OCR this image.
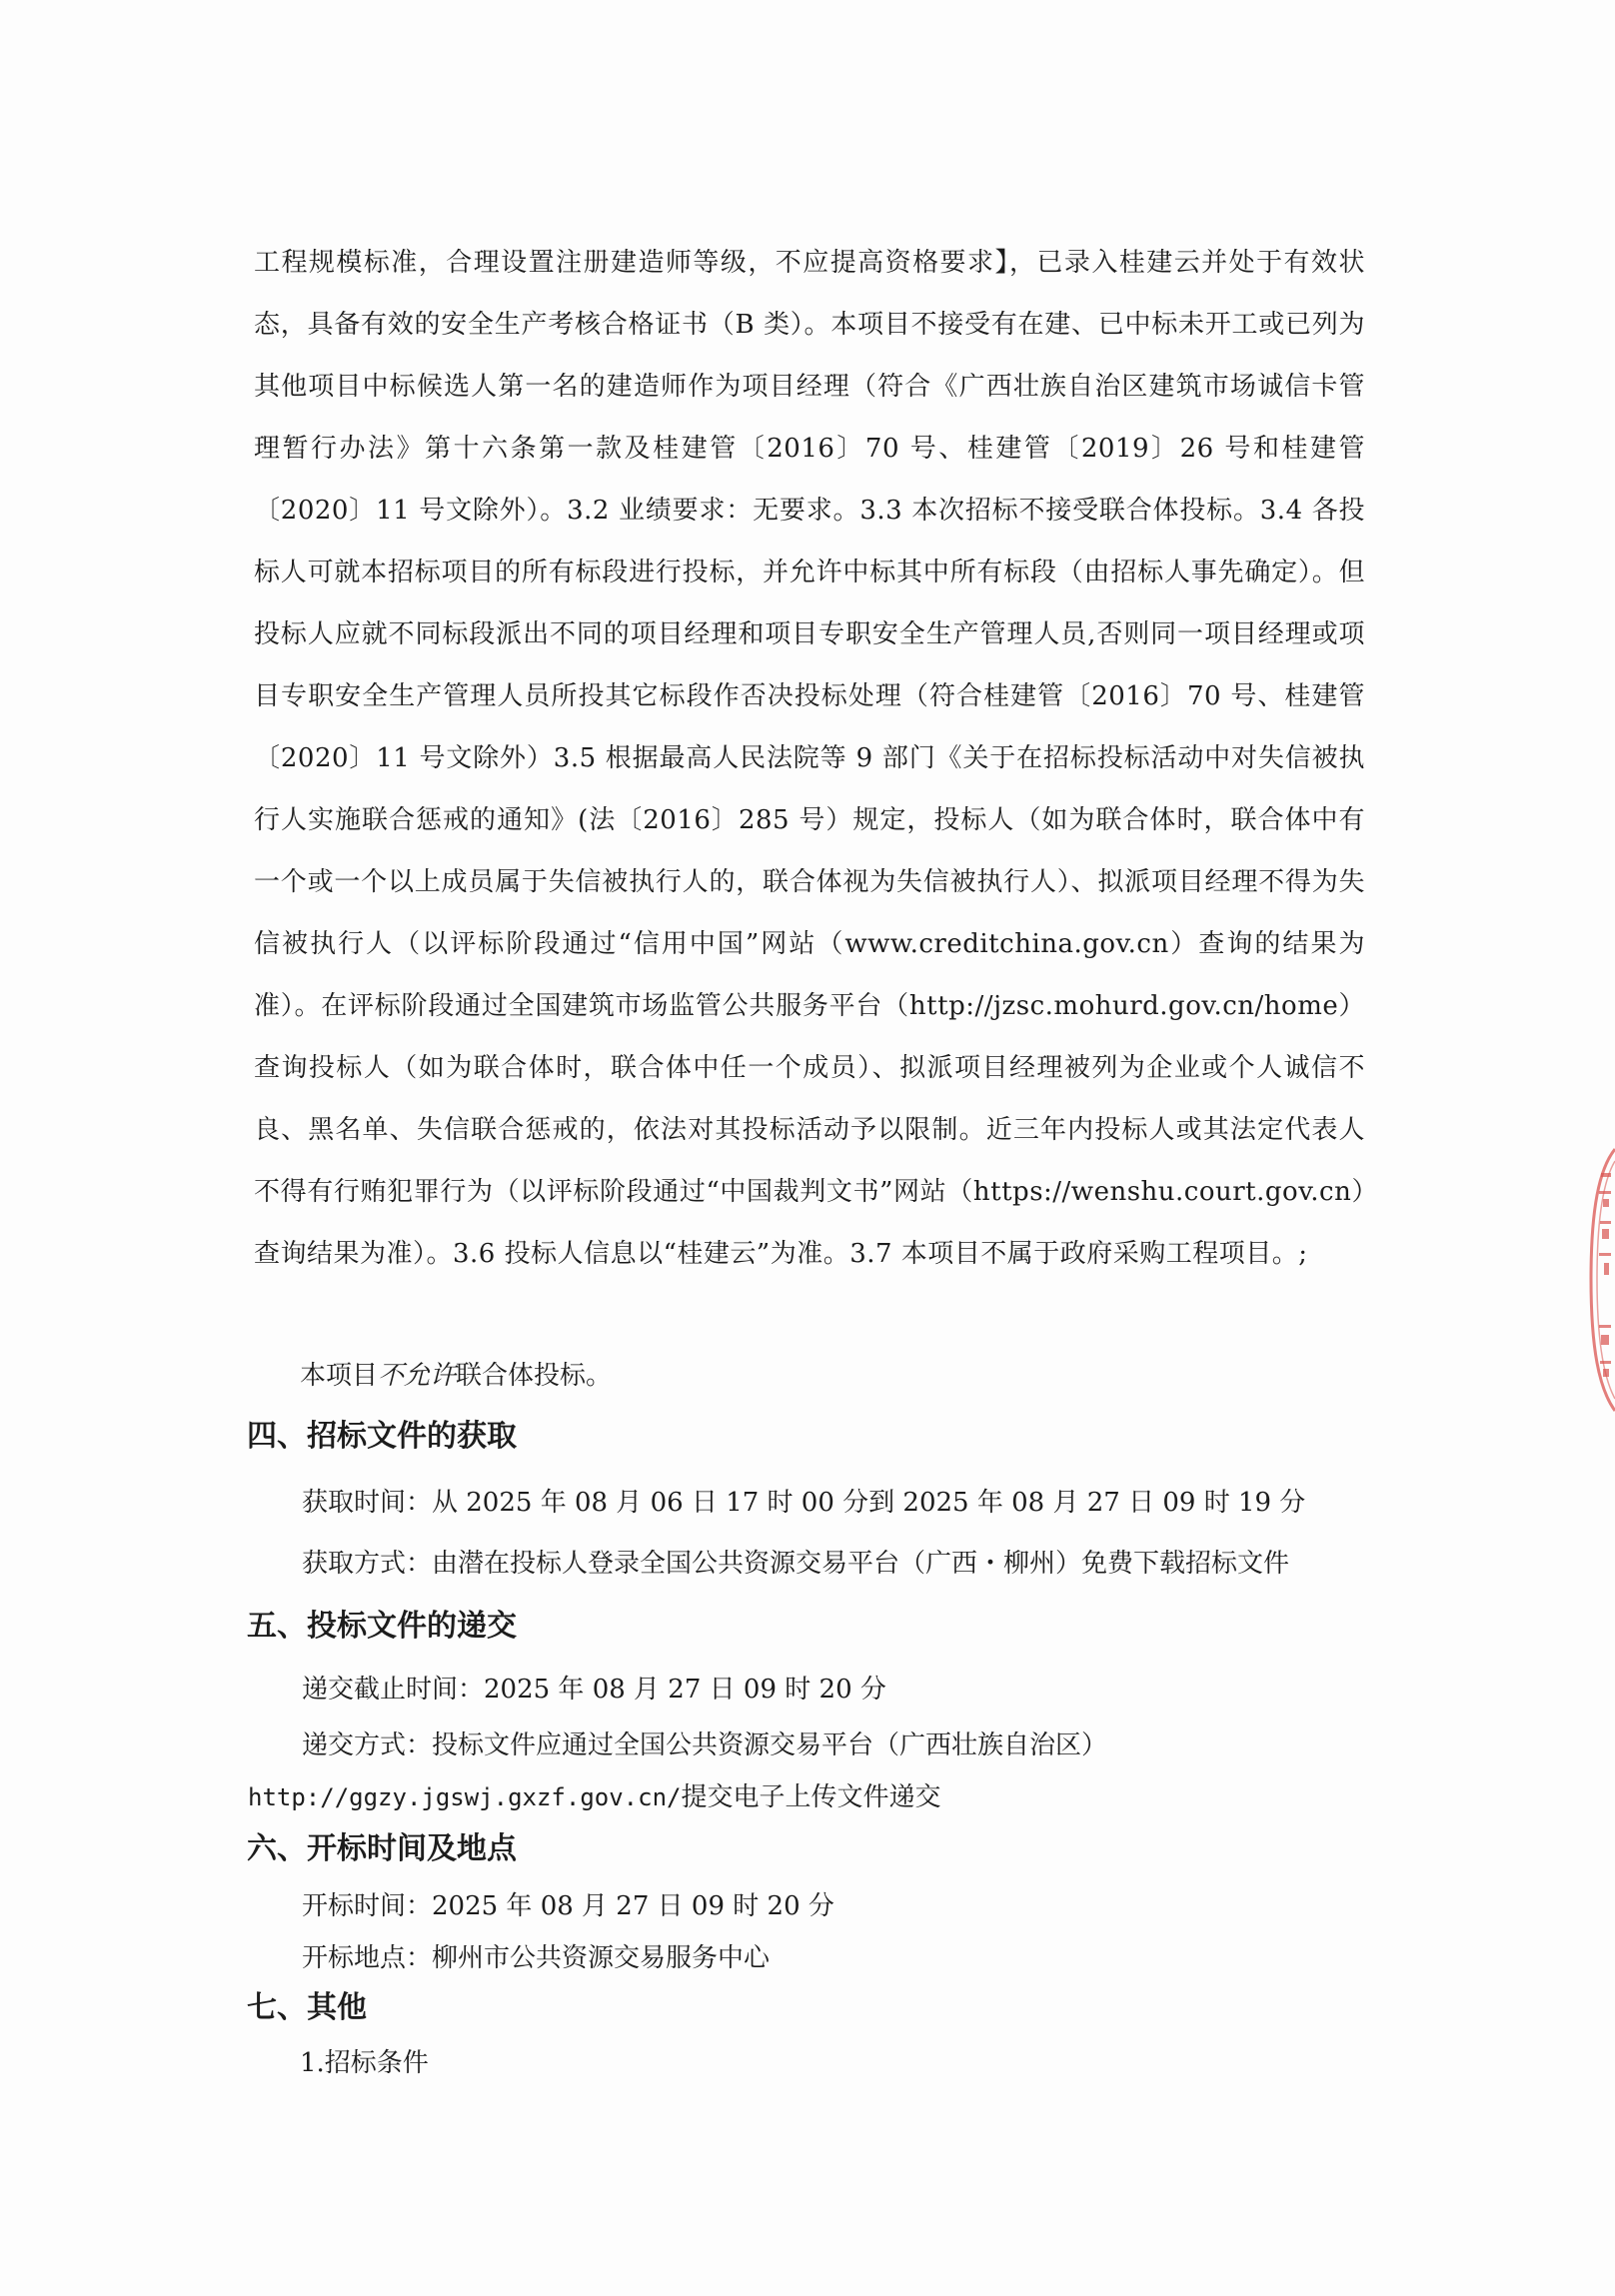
工程规模标准，合理设置注册建造师等级，不应提高资格要求】，已录入桂建云并处于有效状态，具备有效的安全生产考核合格证书（B 类）。本项目不接受有在建、已中标未开工或已列为其他项目中标候选人第一名的建造师作为项目经理（符合《广西壮族自治区建筑市场诚信卡管理暂行办法》第十六条第一款及桂建管〔2016〕70 号、桂建管〔2019〕26 号和桂建管〔2020〕11 号文除外）。3.2 业绩要求：无要求。3.3 本次招标不接受联合体投标。3.4 各投标人可就本招标项目的所有标段进行投标，并允许中标其中所有标段（由招标人事先确定）。但投标人应就不同标段派出不同的项目经理和项目专职安全生产管理人员,否则同一项目经理或项目专职安全生产管理人员所投其它标段作否决投标处理（符合桂建管〔2016〕70 号、桂建管〔2020〕11 号文除外）3.5 根据最高人民法院等 9 部门《关于在招标投标活动中对失信被执行人实施联合惩戒的通知》(法〔2016〕285 号）规定，投标人（如为联合体时，联合体中有一个或一个以上成员属于失信被执行人的，联合体视为失信被执行人）、拟派项目经理不得为失信被执行人（以评标阶段通过“信用中国”网站（www.creditchina.gov.cn）查询的结果为准）。在评标阶段通过全国建筑市场监管公共服务平台（http://jzsc.mohurd.gov.cn/home）查询投标人（如为联合体时，联合体中任一个成员）、拟派项目经理被列为企业或个人诚信不良、黑名单、失信联合惩戒的，依法对其投标活动予以限制。近三年内投标人或其法定代表人不得有行贿犯罪行为（以评标阶段通过“中国裁判文书”网站（https://wenshu.court.gov.cn）查询结果为准）。3.6 投标人信息以“桂建云”为准。3.7 本项目不属于政府采购工程项目。;
本项目不允许联合体投标。
四、招标文件的获取
获取时间：从 2025 年 08 月 06 日 17 时 00 分到 2025 年 08 月 27 日 09 时 19 分
获取方式：由潜在投标人登录全国公共资源交易平台（广西・柳州）免费下载招标文件
五、投标文件的递交
递交截止时间：2025 年 08 月 27 日 09 时 20 分
递交方式：投标文件应通过全国公共资源交易平台（广西壮族自治区）
http://ggzy.jgswj.gxzf.gov.cn/提交电子上传文件递交
六、开标时间及地点
开标时间：2025 年 08 月 27 日 09 时 20 分
开标地点：柳州市公共资源交易服务中心
七、其他
1.招标条件
